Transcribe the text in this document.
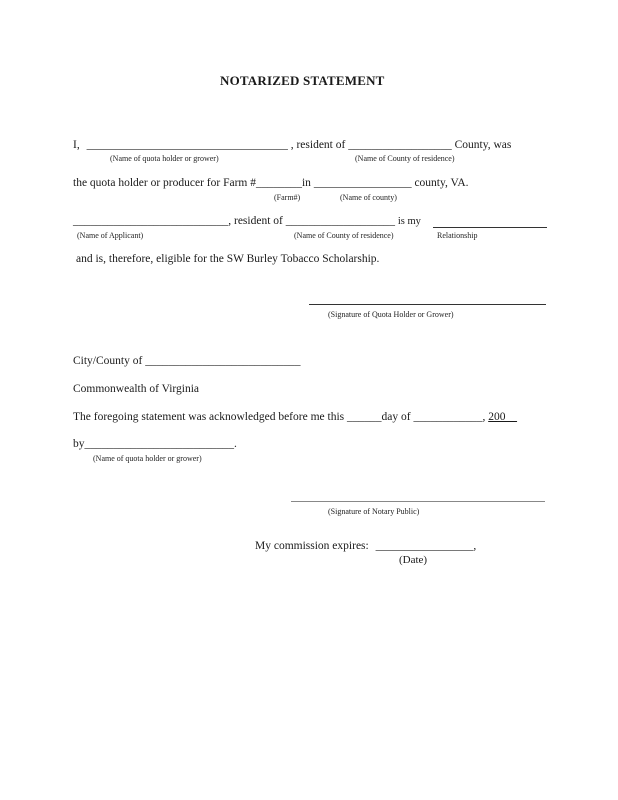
NOTARIZED STATEMENT
I, ___________________________________ , resident of __________________ County, was
(Name of quota holder or grower)	(Name of County of residence)
the quota holder or producer for Farm #________in _________________ county, VA.
(Farm#)	(Name of county)
___________________________, resident of ___________________ is my
(Name of Applicant)	(Name of County of residence)	Relationship
and is, therefore, eligible for the SW Burley Tobacco Scholarship.
(Signature of Quota Holder or Grower)
City/County of ___________________________
Commonwealth of Virginia
The foregoing statement was acknowledged before me this ______day of ____________, 200__
by__________________________.
(Name of quota holder or grower)
(Signature of Notary Public)
My commission expires: _________________,
(Date)
